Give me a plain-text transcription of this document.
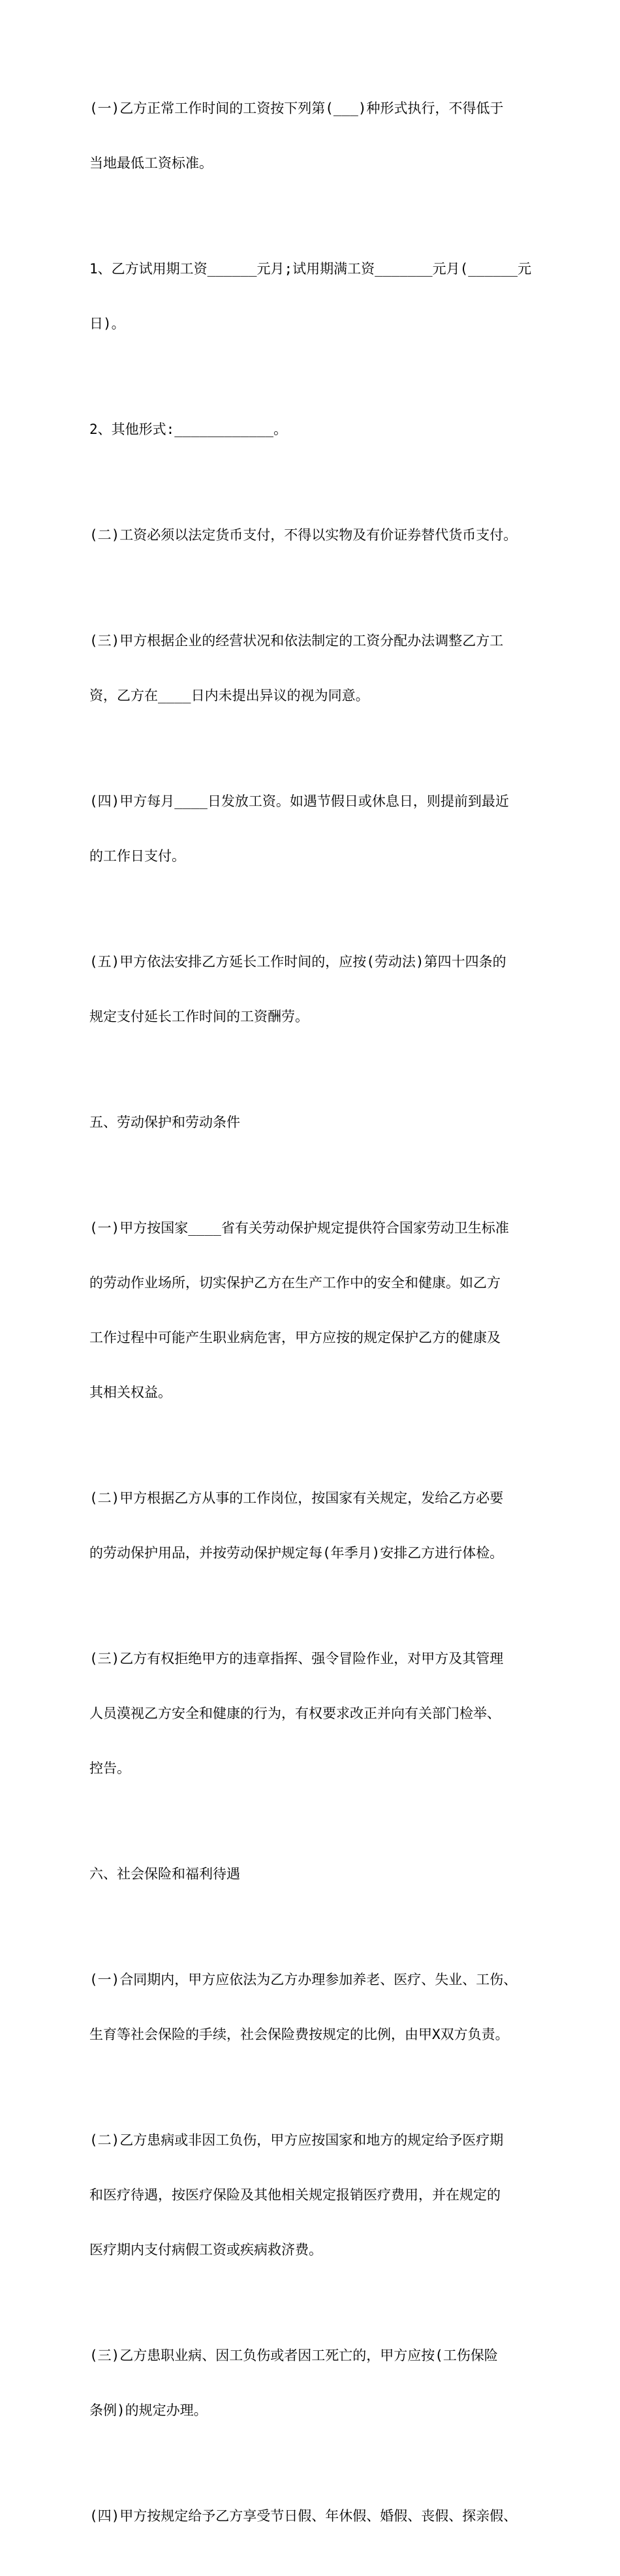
(一)乙方正常工作时间的工资按下列第(___)种形式执行，不得低于

当地最低工资标准。

1、乙方试用期工资______元月;试用期满工资_______元月(______元

日)。

2、其他形式:____________。

(二)工资必须以法定货币支付，不得以实物及有价证券替代货币支付。

(三)甲方根据企业的经营状况和依法制定的工资分配办法调整乙方工

资，乙方在____日内未提出异议的视为同意。

(四)甲方每月____日发放工资。如遇节假日或休息日，则提前到最近

的工作日支付。

(五)甲方依法安排乙方延长工作时间的，应按(劳动法)第四十四条的

规定支付延长工作时间的工资酬劳。

五、劳动保护和劳动条件

(一)甲方按国家____省有关劳动保护规定提供符合国家劳动卫生标准

的劳动作业场所，切实保护乙方在生产工作中的安全和健康。如乙方

工作过程中可能产生职业病危害，甲方应按的规定保护乙方的健康及

其相关权益。

(二)甲方根据乙方从事的工作岗位，按国家有关规定，发给乙方必要

的劳动保护用品，并按劳动保护规定每(年季月)安排乙方进行体检。

(三)乙方有权拒绝甲方的违章指挥、强令冒险作业，对甲方及其管理

人员漠视乙方安全和健康的行为，有权要求改正并向有关部门检举、

控告。

六、社会保险和福利待遇

(一)合同期内，甲方应依法为乙方办理参加养老、医疗、失业、工伤、

生育等社会保险的手续，社会保险费按规定的比例，由甲X双方负责。

(二)乙方患病或非因工负伤，甲方应按国家和地方的规定给予医疗期

和医疗待遇，按医疗保险及其他相关规定报销医疗费用，并在规定的

医疗期内支付病假工资或疾病救济费。

(三)乙方患职业病、因工负伤或者因工死亡的，甲方应按(工伤保险

条例)的规定办理。

(四)甲方按规定给予乙方享受节日假、年休假、婚假、丧假、探亲假、
